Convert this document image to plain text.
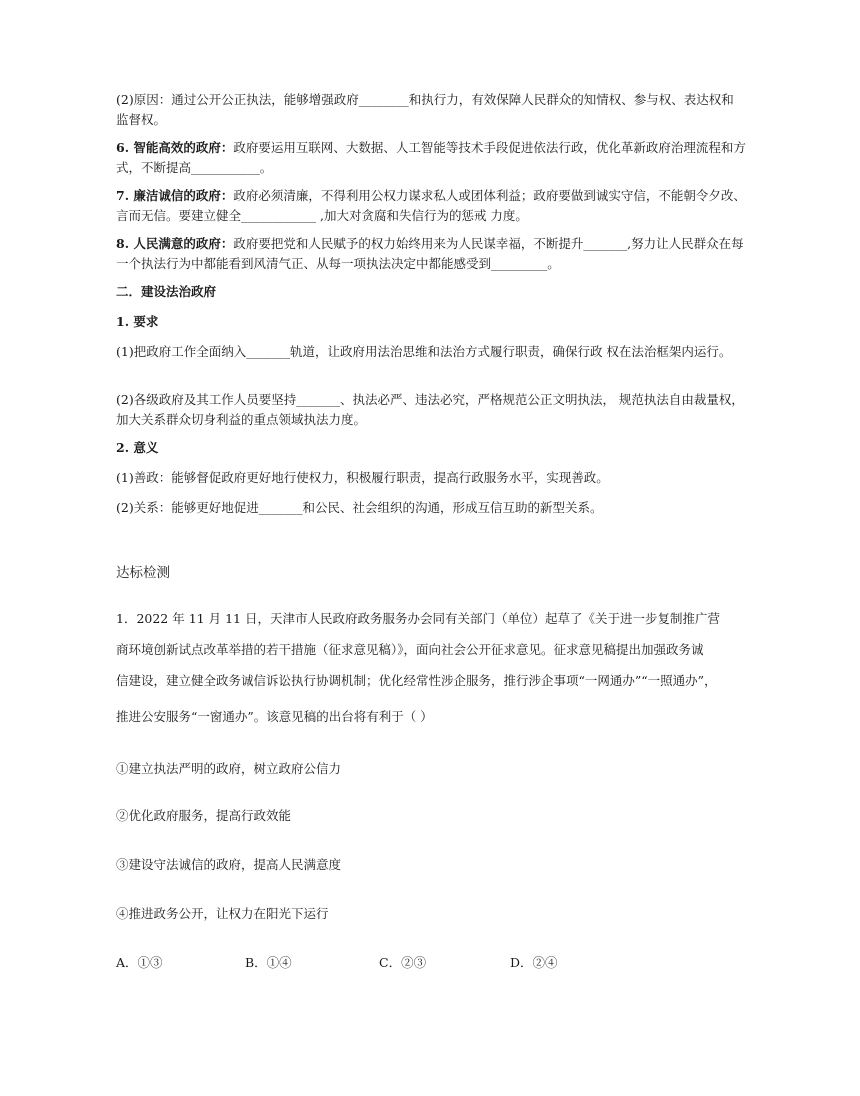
(2)原因：通过公开公正执法，能够增强政府________和执行力，有效保障人民群众的知情权、参与权、表达权和监督权。

6. 智能高效的政府：政府要运用互联网、大数据、人工智能等技术手段促进依法行政，优化革新政府治理流程和方式，不断提高___________。

7. 廉洁诚信的政府：政府必须清廉，不得利用公权力谋求私人或团体利益；政府要做到诚实守信，不能朝令夕改、言而无信。要建立健全____________ ,加大对贪腐和失信行为的惩戒 力度。

8. 人民满意的政府：政府要把党和人民赋予的权力始终用来为人民谋幸福，不断提升_______,努力让人民群众在每一个执法行为中都能看到风清气正、从每一项执法决定中都能感受到_________。

二．建设法治政府

1. 要求

(1)把政府工作全面纳入_______轨道，让政府用法治思维和法治方式履行职责，确保行政 权在法治框架内运行。

(2)各级政府及其工作人员要坚持_______、执法必严、违法必究，严格规范公正文明执法， 规范执法自由裁量权，加大关系群众切身利益的重点领域执法力度。

2. 意义

(1)善政：能够督促政府更好地行使权力，积极履行职责，提高行政服务水平，实现善政。

(2)关系：能够更好地促进_______和公民、社会组织的沟通，形成互信互助的新型关系。

达标检测

1．2022 年 11 月 11 日，天津市人民政府政务服务办会同有关部门（单位）起草了《关于进一步复制推广营

商环境创新试点改革举措的若干措施（征求意见稿）》，面向社会公开征求意见。征求意见稿提出加强政务诚

信建设，建立健全政务诚信诉讼执行协调机制；优化经常性涉企服务，推行涉企事项“一网通办”“一照通办”，

推进公安服务“一窗通办”。该意见稿的出台将有利于（ ）

①建立执法严明的政府，树立政府公信力

②优化政府服务，提高行政效能

③建设守法诚信的政府，提高人民满意度

④推进政务公开，让权力在阳光下运行

A．①③	B．①④	C．②③	D．②④
